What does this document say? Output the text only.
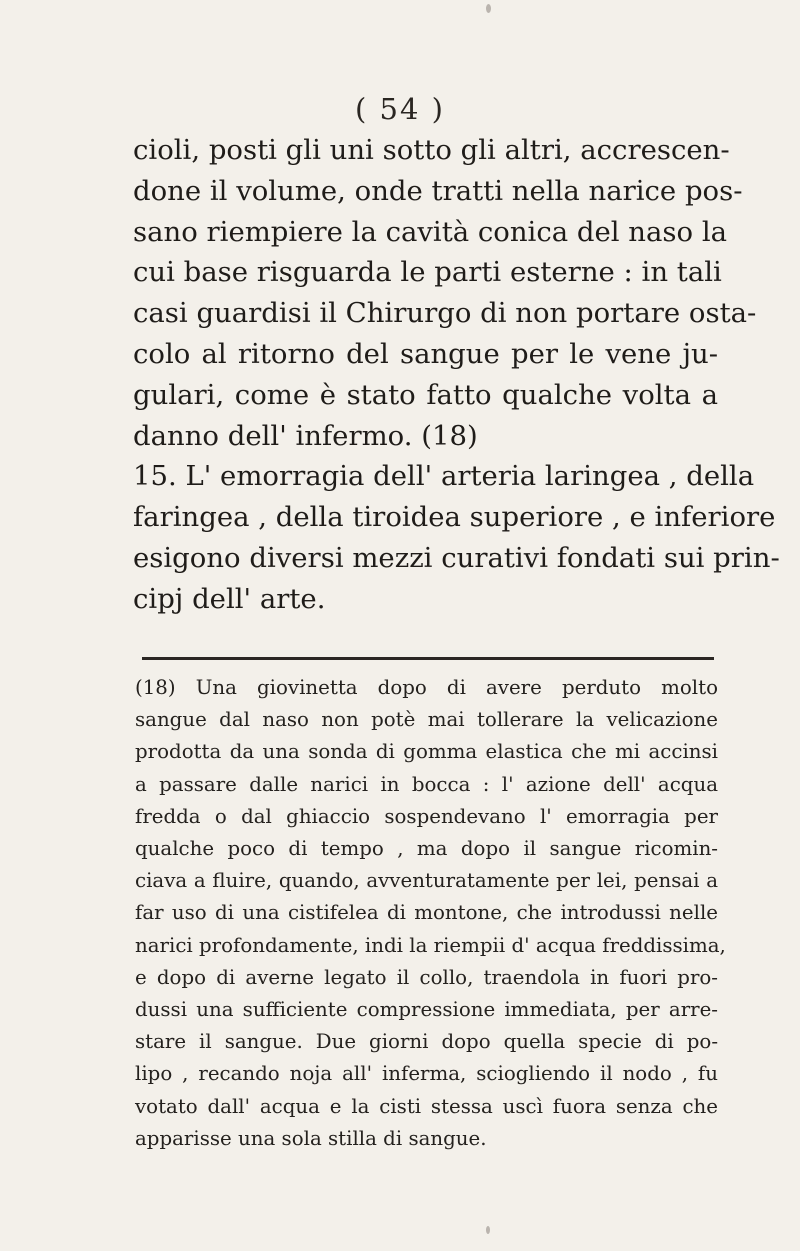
( 54 )
cioli, posti gli uni sotto gli altri, accrescen-
done il volume, onde tratti nella narice pos-
sano riempiere la cavità conica del naso la
cui base risguarda le parti esterne : in tali
casi guardisi il Chirurgo di non portare osta-
colo al ritorno del sangue per le vene ju-
gulari, come è stato fatto qualche volta a
danno dell' infermo. (18)
15. L' emorragia dell' arteria laringea , della
faringea , della tiroidea superiore , e inferiore
esigono diversi mezzi curativi fondati sui prin-
cipj dell' arte.
(18) Una giovinetta dopo di avere perduto molto
sangue dal naso non potè mai tollerare la velicazione
prodotta da una sonda di gomma elastica che mi accinsi
a passare dalle narici in bocca : l' azione dell' acqua
fredda o dal ghiaccio sospendevano l' emorragia per
qualche poco di tempo , ma dopo il sangue ricomin-
ciava a fluire, quando, avventuratamente per lei, pensai a
far uso di una cistifelea di montone, che introdussi nelle
narici profondamente, indi la riempii d' acqua freddissima,
e dopo di averne legato il collo, traendola in fuori pro-
dussi una sufficiente compressione immediata, per arre-
stare il sangue. Due giorni dopo quella specie di po-
lipo , recando noja all' inferma, sciogliendo il nodo , fu
votato dall' acqua e la cisti stessa uscì fuora senza che
apparisse una sola stilla di sangue.
